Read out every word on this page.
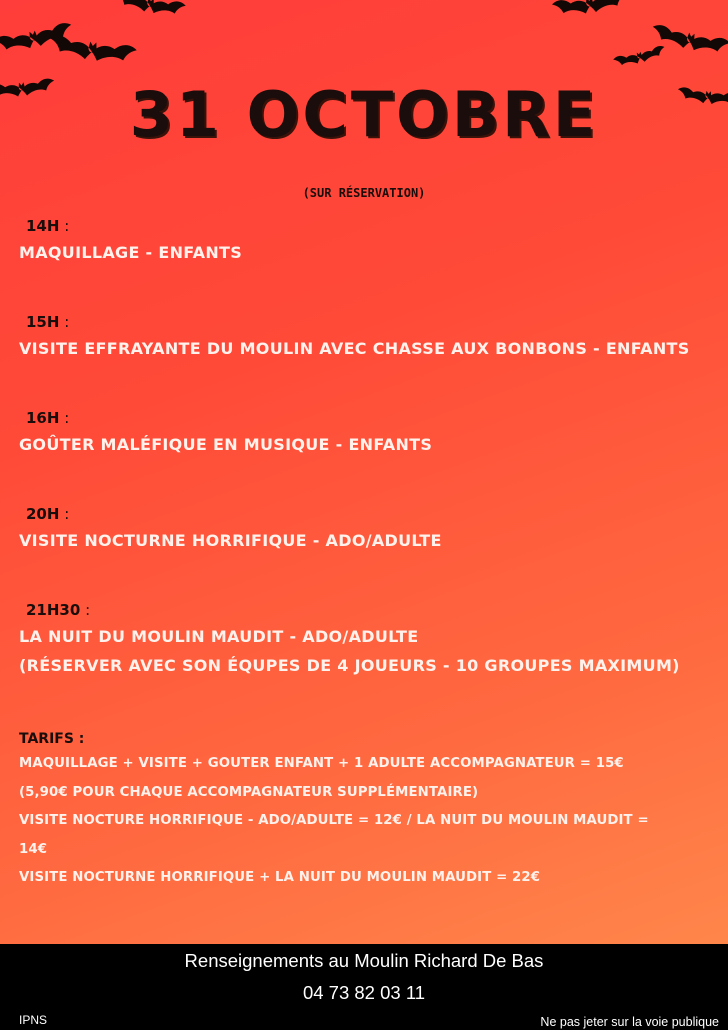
31 OCTOBRE
(SUR RÉSERVATION)
14H :
MAQUILLAGE - ENFANTS
15H :
VISITE EFFRAYANTE DU MOULIN AVEC CHASSE AUX BONBONS - ENFANTS
16H :
GOÛTER MALÉFIQUE EN MUSIQUE - ENFANTS
20H :
VISITE NOCTURNE HORRIFIQUE - ADO/ADULTE
21H30 :
LA NUIT DU MOULIN MAUDIT - ADO/ADULTE
(RÉSERVER AVEC SON ÉQUPES DE 4 JOUEURS - 10 GROUPES MAXIMUM)
TARIFS :
MAQUILLAGE + VISITE + GOUTER ENFANT + 1 ADULTE ACCOMPAGNATEUR = 15€
(5,90€ POUR CHAQUE ACCOMPAGNATEUR SUPPLÉMENTAIRE)
VISITE NOCTURE HORRIFIQUE - ADO/ADULTE = 12€ / LA NUIT DU MOULIN MAUDIT =
14€
VISITE NOCTURNE HORRIFIQUE + LA NUIT DU MOULIN MAUDIT = 22€
Renseignements au Moulin Richard De Bas
04 73 82 03 11
IPNS	Ne pas jeter sur la voie publique
